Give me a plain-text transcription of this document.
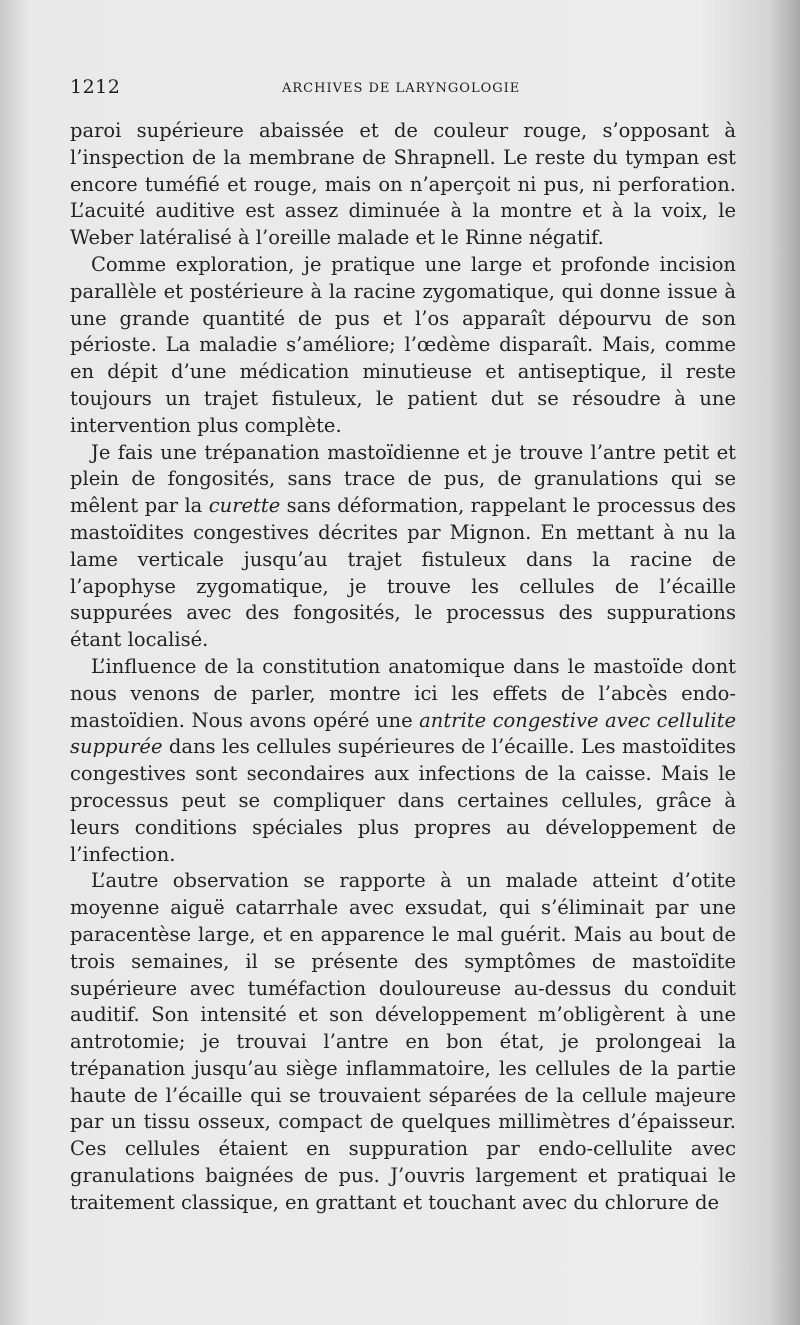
1212	ARCHIVES DE LARYNGOLOGIE

paroi supérieure abaissée et de couleur rouge, s’opposant à l’inspection de la membrane de Shrapnell. Le reste du tympan est encore tuméfié et rouge, mais on n’aperçoit ni pus, ni perforation. L’acuité auditive est assez diminuée à la montre et à la voix, le Weber latéralisé à l’oreille malade et le Rinne négatif.

Comme exploration, je pratique une large et profonde incision parallèle et postérieure à la racine zygomatique, qui donne issue à une grande quantité de pus et l’os apparaît dépourvu de son périoste. La maladie s’améliore; l’œdème disparaît. Mais, comme en dépit d’une médication minutieuse et antiseptique, il reste toujours un trajet fistuleux, le patient dut se résoudre à une intervention plus complète.

Je fais une trépanation mastoïdienne et je trouve l’antre petit et plein de fongosités, sans trace de pus, de granulations qui se mêlent par la curette sans déformation, rappelant le processus des mastoïdites congestives décrites par Mignon. En mettant à nu la lame verticale jusqu’au trajet fistuleux dans la racine de l’apophyse zygomatique, je trouve les cellules de l’écaille suppurées avec des fongosités, le processus des suppurations étant localisé.

L’influence de la constitution anatomique dans le mastoïde dont nous venons de parler, montre ici les effets de l’abcès endo-mastoïdien. Nous avons opéré une antrite congestive avec cellulite suppurée dans les cellules supérieures de l’écaille. Les mastoïdites congestives sont secondaires aux infections de la caisse. Mais le processus peut se compliquer dans certaines cellules, grâce à leurs conditions spéciales plus propres au développement de l’infection.

L’autre observation se rapporte à un malade atteint d’otite moyenne aiguë catarrhale avec exsudat, qui s’éliminait par une paracentèse large, et en apparence le mal guérit. Mais au bout de trois semaines, il se présente des symptômes de mastoïdite supérieure avec tuméfaction douloureuse au-dessus du conduit auditif. Son intensité et son développement m’obligèrent à une antrotomie; je trouvai l’antre en bon état, je prolongeai la trépanation jusqu’au siège inflammatoire, les cellules de la partie haute de l’écaille qui se trouvaient séparées de la cellule majeure par un tissu osseux, compact de quelques millimètres d’épaisseur. Ces cellules étaient en suppuration par endo-cellulite avec granulations baignées de pus. J’ouvris largement et pratiquai le traitement classique, en grattant et touchant avec du chlorure de
